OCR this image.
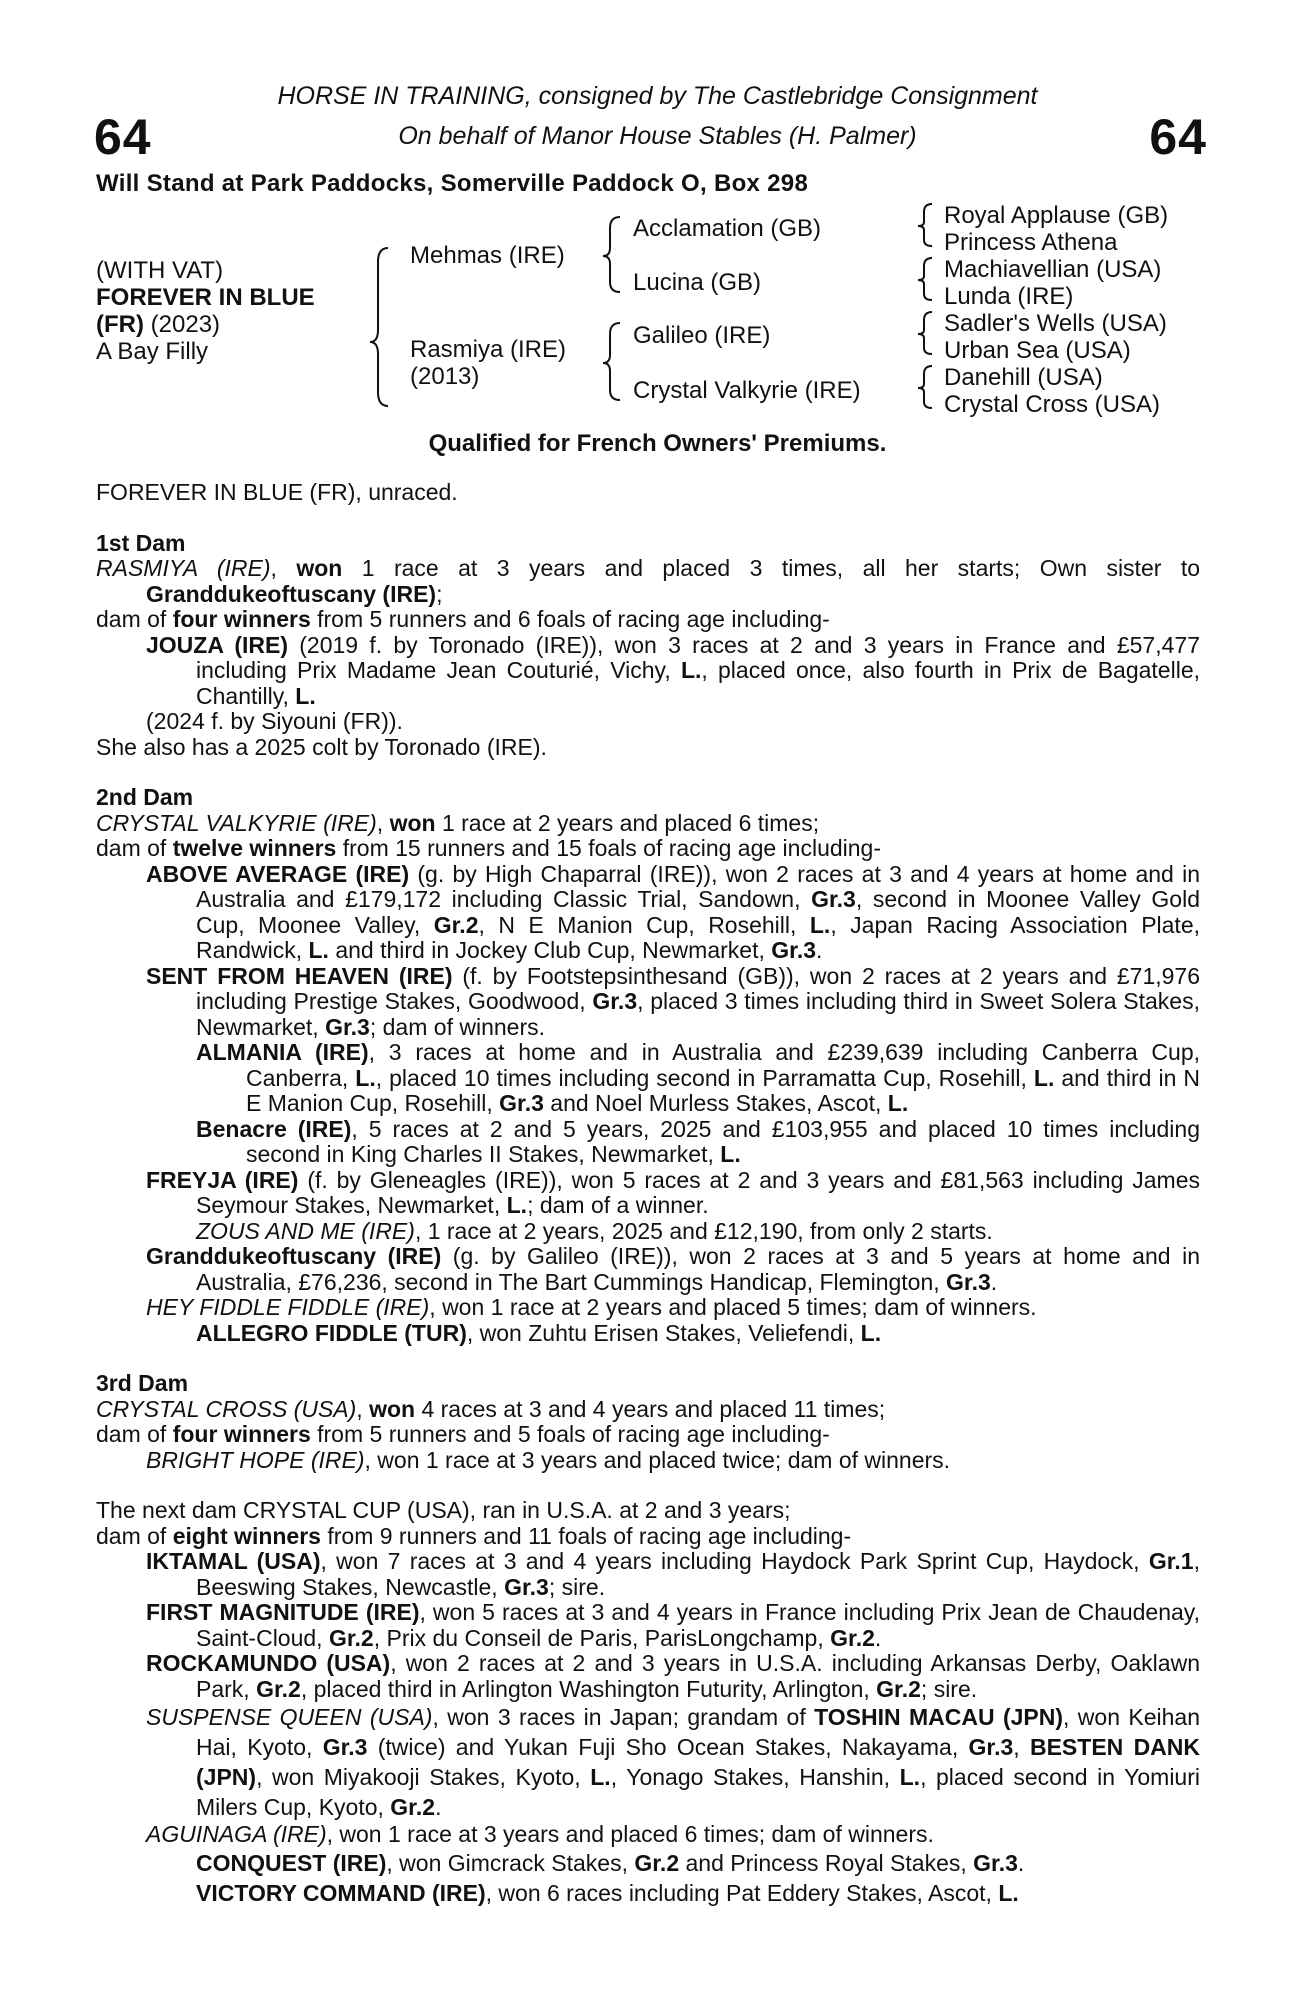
64	64
HORSE IN TRAINING, consigned by The Castlebridge Consignment
On behalf of Manor House Stables (H. Palmer)
Will Stand at Park Paddocks, Somerville Paddock O, Box 298
(WITH VAT)
FOREVER IN BLUE
(FR) (2023)
A Bay Filly
Mehmas (IRE)
Rasmiya (IRE)
(2013)
Acclamation (GB)
Lucina (GB)
Galileo (IRE)
Crystal Valkyrie (IRE)
Royal Applause (GB)
Princess Athena
Machiavellian (USA)
Lunda (IRE)
Sadler's Wells (USA)
Urban Sea (USA)
Danehill (USA)
Crystal Cross (USA)
Qualified for French Owners' Premiums.

FOREVER IN BLUE (FR), unraced.

1st Dam

RASMIYA (IRE), won 1 race at 3 years and placed 3 times, all her starts; Own sister to Granddukeoftuscany (IRE);

dam of four winners from 5 runners and 6 foals of racing age including-

JOUZA (IRE) (2019 f. by Toronado (IRE)), won 3 races at 2 and 3 years in France and £57,477 including Prix Madame Jean Couturié, Vichy, L., placed once, also fourth in Prix de Bagatelle, Chantilly, L.

(2024 f. by Siyouni (FR)).

She also has a 2025 colt by Toronado (IRE).

2nd Dam

CRYSTAL VALKYRIE (IRE), won 1 race at 2 years and placed 6 times;

dam of twelve winners from 15 runners and 15 foals of racing age including-

ABOVE AVERAGE (IRE) (g. by High Chaparral (IRE)), won 2 races at 3 and 4 years at home and in Australia and £179,172 including Classic Trial, Sandown, Gr.3, second in Moonee Valley Gold Cup, Moonee Valley, Gr.2, N E Manion Cup, Rosehill, L., Japan Racing Association Plate, Randwick, L. and third in Jockey Club Cup, Newmarket, Gr.3.

SENT FROM HEAVEN (IRE) (f. by Footstepsinthesand (GB)), won 2 races at 2 years and £71,976 including Prestige Stakes, Goodwood, Gr.3, placed 3 times including third in Sweet Solera Stakes, Newmarket, Gr.3; dam of winners.

ALMANIA (IRE), 3 races at home and in Australia and £239,639 including Canberra Cup, Canberra, L., placed 10 times including second in Parramatta Cup, Rosehill, L. and third in N E Manion Cup, Rosehill, Gr.3 and Noel Murless Stakes, Ascot, L.

Benacre (IRE), 5 races at 2 and 5 years, 2025 and £103,955 and placed 10 times including second in King Charles II Stakes, Newmarket, L.

FREYJA (IRE) (f. by Gleneagles (IRE)), won 5 races at 2 and 3 years and £81,563 including James Seymour Stakes, Newmarket, L.; dam of a winner.

ZOUS AND ME (IRE), 1 race at 2 years, 2025 and £12,190, from only 2 starts.

Granddukeoftuscany (IRE) (g. by Galileo (IRE)), won 2 races at 3 and 5 years at home and in Australia, £76,236, second in The Bart Cummings Handicap, Flemington, Gr.3.

HEY FIDDLE FIDDLE (IRE), won 1 race at 2 years and placed 5 times; dam of winners.

ALLEGRO FIDDLE (TUR), won Zuhtu Erisen Stakes, Veliefendi, L.

3rd Dam

CRYSTAL CROSS (USA), won 4 races at 3 and 4 years and placed 11 times;

dam of four winners from 5 runners and 5 foals of racing age including-

BRIGHT HOPE (IRE), won 1 race at 3 years and placed twice; dam of winners.

The next dam CRYSTAL CUP (USA), ran in U.S.A. at 2 and 3 years;

dam of eight winners from 9 runners and 11 foals of racing age including-

IKTAMAL (USA), won 7 races at 3 and 4 years including Haydock Park Sprint Cup, Haydock, Gr.1, Beeswing Stakes, Newcastle, Gr.3; sire.

FIRST MAGNITUDE (IRE), won 5 races at 3 and 4 years in France including Prix Jean de Chaudenay, Saint-Cloud, Gr.2, Prix du Conseil de Paris, ParisLongchamp, Gr.2.

ROCKAMUNDO (USA), won 2 races at 2 and 3 years in U.S.A. including Arkansas Derby, Oaklawn Park, Gr.2, placed third in Arlington Washington Futurity, Arlington, Gr.2; sire.

SUSPENSE QUEEN (USA), won 3 races in Japan; grandam of TOSHIN MACAU (JPN), won Keihan Hai, Kyoto, Gr.3 (twice) and Yukan Fuji Sho Ocean Stakes, Nakayama, Gr.3, BESTEN DANK (JPN), won Miyakooji Stakes, Kyoto, L., Yonago Stakes, Hanshin, L., placed second in Yomiuri Milers Cup, Kyoto, Gr.2.

AGUINAGA (IRE), won 1 race at 3 years and placed 6 times; dam of winners.

CONQUEST (IRE), won Gimcrack Stakes, Gr.2 and Princess Royal Stakes, Gr.3.

VICTORY COMMAND (IRE), won 6 races including Pat Eddery Stakes, Ascot, L.
